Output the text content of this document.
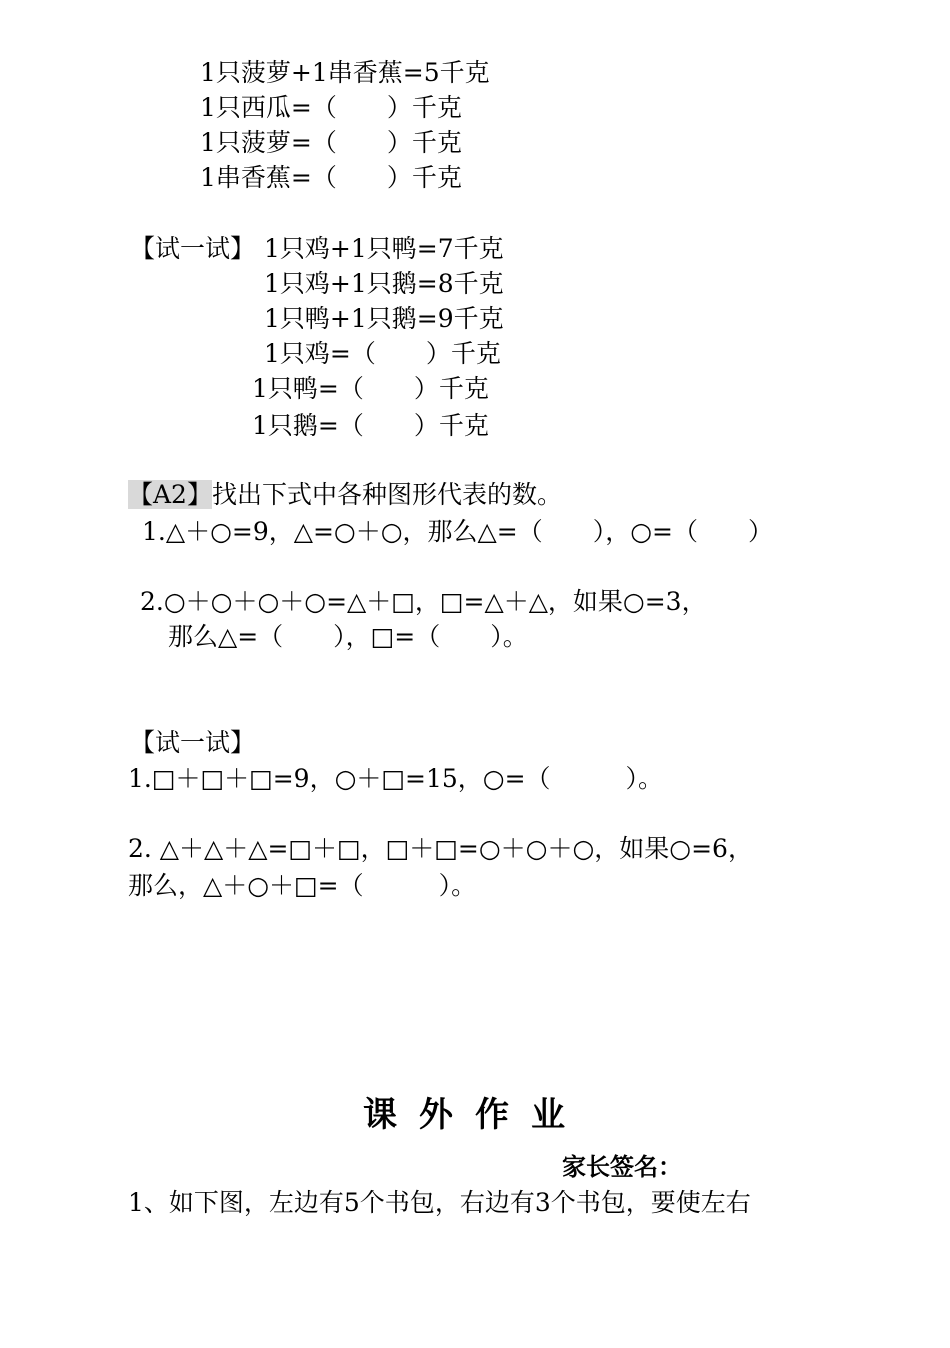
1只菠萝+1串香蕉=5千克
1只西瓜=（　　）千克
1只菠萝=（　　）千克
1串香蕉=（　　）千克
【试一试】 1只鸡+1只鸭=7千克
1只鸡+1只鹅=8千克
1只鸭+1只鹅=9千克
1只鸡=（　　）千克
1只鸭=（　　）千克
1只鹅=（　　）千克
【A2】找出下式中各种图形代表的数。
1.△＋○=9，△=○＋○，那么△=（　　），○=（　　）
2.○＋○＋○＋○=△＋□，□=△＋△，如果○=3，
那么△=（　　），□=（　　）。
【试一试】
1.□＋□＋□=9，○＋□=15，○=（　　　）。
2. △＋△＋△=□＋□，□＋□=○＋○＋○，如果○=6，
那么，△＋○＋□=（　　　）。
课外作业
家长签名：
1、如下图，左边有5个书包，右边有3个书包，要使左右
